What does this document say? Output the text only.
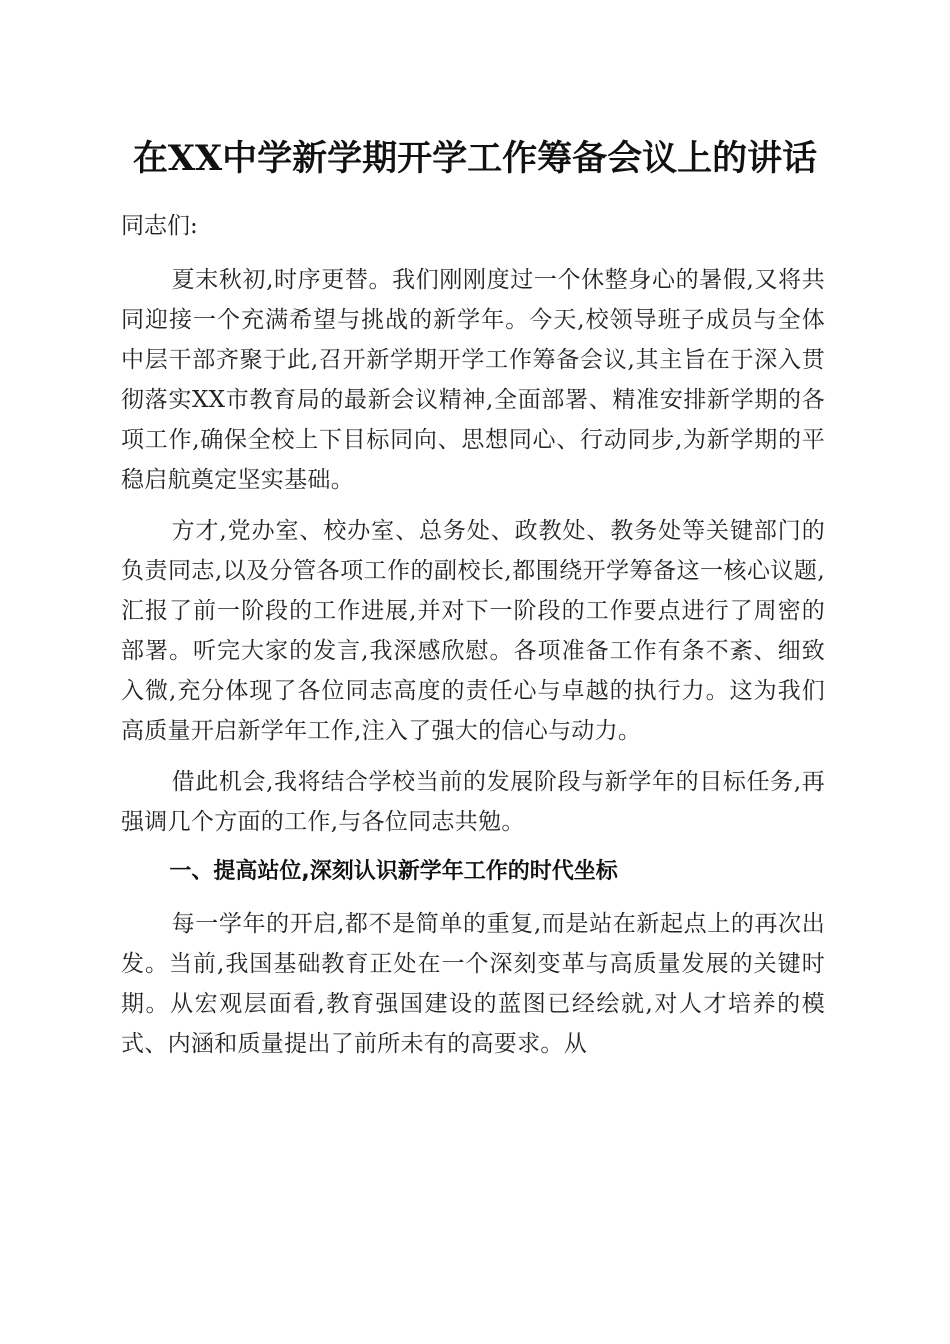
在XX中学新学期开学工作筹备会议上的讲话

同志们:

夏末秋初,时序更替。我们刚刚度过一个休整身心的暑假,又将共同迎接一个充满希望与挑战的新学年。今天,校领导班子成员与全体中层干部齐聚于此,召开新学期开学工作筹备会议,其主旨在于深入贯彻落实XX市教育局的最新会议精神,全面部署、精准安排新学期的各项工作,确保全校上下目标同向、思想同心、行动同步,为新学期的平稳启航奠定坚实基础。

方才,党办室、校办室、总务处、政教处、教务处等关键部门的负责同志,以及分管各项工作的副校长,都围绕开学筹备这一核心议题,汇报了前一阶段的工作进展,并对下一阶段的工作要点进行了周密的部署。听完大家的发言,我深感欣慰。各项准备工作有条不紊、细致入微,充分体现了各位同志高度的责任心与卓越的执行力。这为我们高质量开启新学年工作,注入了强大的信心与动力。

借此机会,我将结合学校当前的发展阶段与新学年的目标任务,再强调几个方面的工作,与各位同志共勉。

一、提高站位,深刻认识新学年工作的时代坐标

每一学年的开启,都不是简单的重复,而是站在新起点上的再次出发。当前,我国基础教育正处在一个深刻变革与高质量发展的关键时期。从宏观层面看,教育强国建设的蓝图已经绘就,对人才培养的模式、内涵和质量提出了前所未有的高要求。从
